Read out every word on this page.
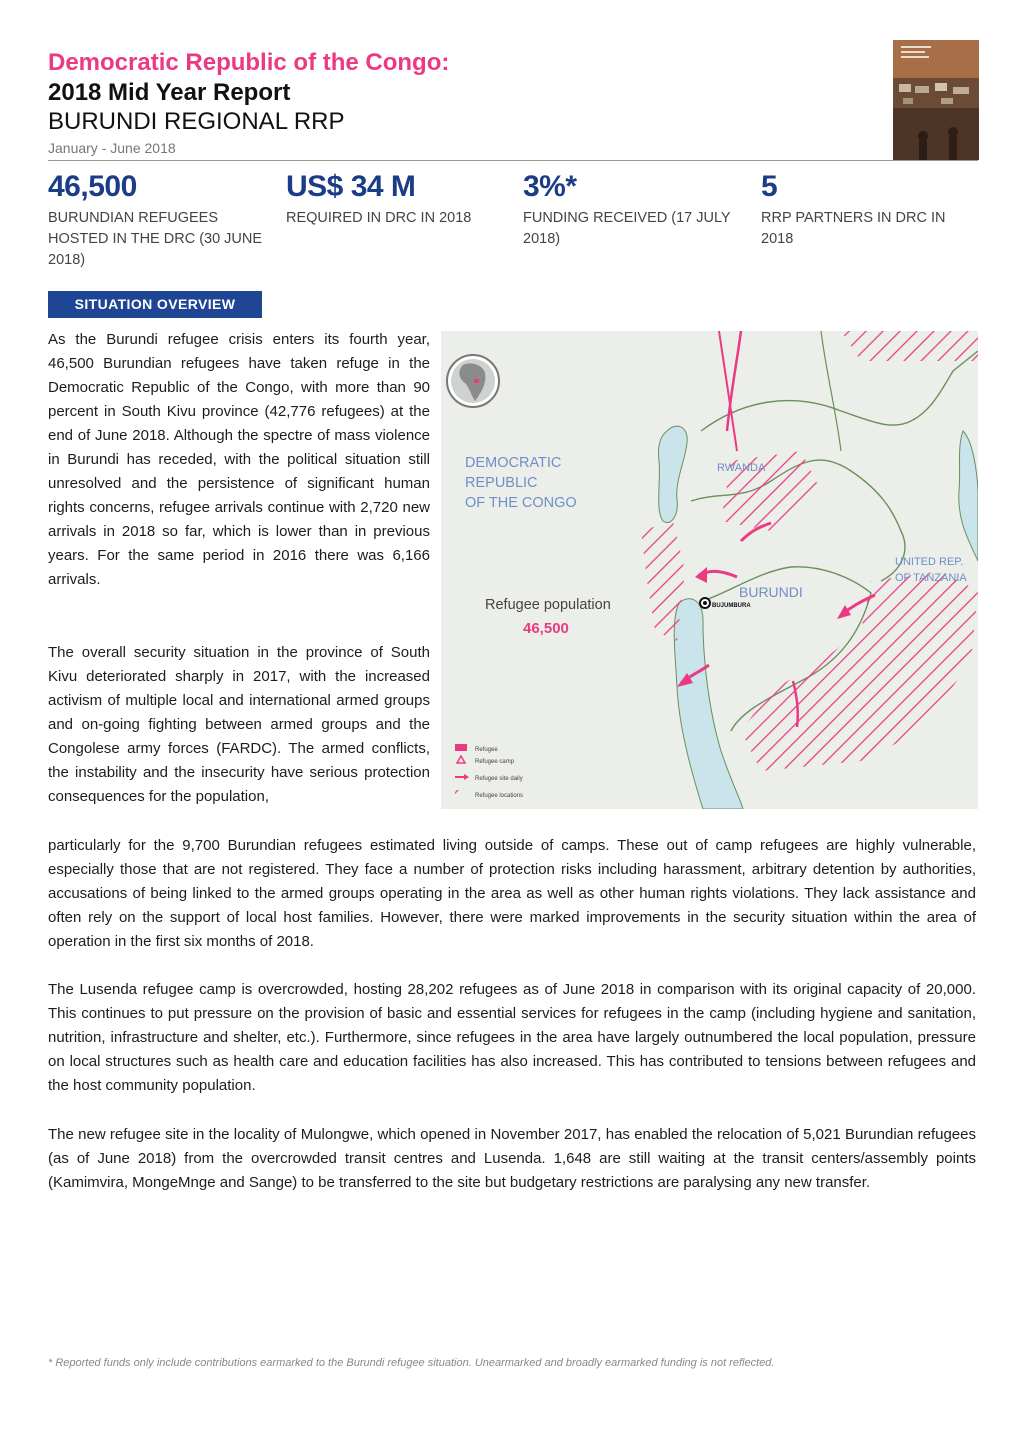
Democratic Republic of the Congo:
2018 Mid Year Report
BURUNDI REGIONAL RRP
January - June 2018
46,500
BURUNDIAN REFUGEES HOSTED IN THE DRC (30 JUNE 2018)
US$ 34 M
REQUIRED IN DRC IN 2018
3%*
FUNDING RECEIVED (17 JULY 2018)
5
RRP PARTNERS IN DRC IN 2018
SITUATION OVERVIEW
DEMOCRATIC
REPUBLIC
OF THE CONGO
RWANDA
BURUNDI
UNITED REP.
OF TANZANIA
BUJUMBURA
Refugee population
46,500
Refugee
Refugee camp
Refugee site daily
Refugee locations
As the Burundi refugee crisis enters its fourth year, 46,500 Burundian refugees have taken refuge in the Democratic Republic of the Congo, with more than 90 percent in South Kivu province (42,776 refugees) at the end of June 2018. Although the spectre of mass violence in Burundi has receded, with the political situation still unresolved and the persistence of significant human rights concerns, refugee arrivals continue with 2,720 new arrivals in 2018 so far, which is lower than in previous years. For the same period in 2016 there was 6,166 arrivals.
The overall security situation in the province of South Kivu deteriorated sharply in 2017, with the increased activism of multiple local and international armed groups and on-going fighting between armed groups and the Congolese army forces (FARDC). The armed conflicts, the instability and the insecurity have serious protection consequences for the population,
particularly for the 9,700 Burundian refugees estimated living outside of camps. These out of camp refugees are highly vulnerable, especially those that are not registered. They face a number of protection risks including harassment, arbitrary detention by authorities, accusations of being linked to the armed groups operating in the area as well as other human rights violations. They lack assistance and often rely on the support of local host families. However, there were marked improvements in the security situation within the area of operation in the first six months of 2018.
The Lusenda refugee camp is overcrowded, hosting 28,202 refugees as of June 2018 in comparison with its original capacity of 20,000. This continues to put pressure on the provision of basic and essential services for refugees in the camp (including hygiene and sanitation, nutrition, infrastructure and shelter, etc.). Furthermore, since refugees in the area have largely outnumbered the local population, pressure on local structures such as health care and education facilities has also increased. This has contributed to tensions between refugees and the host community population.
The new refugee site in the locality of Mulongwe, which opened in November 2017, has enabled the relocation of 5,021 Burundian refugees (as of June 2018) from the overcrowded transit centres and Lusenda. 1,648 are still waiting at the transit centers/assembly points (Kamimvira, MongeMnge and Sange) to be transferred to the site but budgetary restrictions are paralysing any new transfer.
* Reported funds only include contributions earmarked to the Burundi refugee situation. Unearmarked and broadly earmarked funding is not reflected.
